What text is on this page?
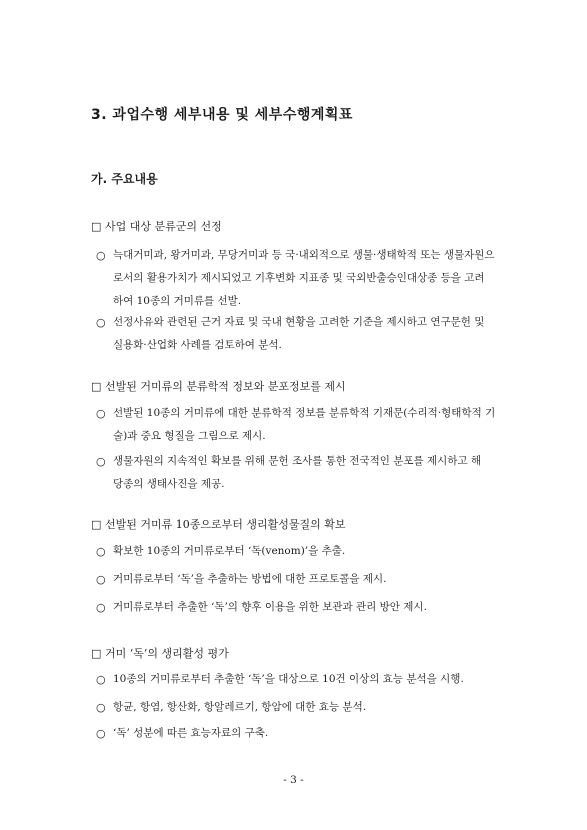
3. 과업수행 세부내용 및 세부수행계획표
가. 주요내용
□ 사업 대상 분류군의 선정
○ 늑대거미과, 왕거미과, 무당거미과 등 국·내외적으로 생물·생태학적 또는 생물자원으
로서의 활용가치가 제시되었고 기후변화 지표종 및 국외반출승인대상종 등을 고려
하여 10종의 거미류를 선발.
○ 선정사유와 관련된 근거 자료 및 국내 현황을 고려한 기준을 제시하고 연구문헌 및
실용화·산업화 사례를 검토하여 분석.
□ 선발된 거미류의 분류학적 정보와 분포정보를 제시
○ 선발된 10종의 거미류에 대한 분류학적 정보를 분류학적 기재문(수리적·형태학적 기
술)과 중요 형질을 그림으로 제시.
○ 생물자원의 지속적인 확보를 위해 문헌 조사를 통한 전국적인 분포를 제시하고 해
당종의 생태사진을 제공.
□ 선발된 거미류 10종으로부터 생리활성물질의 확보
○ 확보한 10종의 거미류로부터 ‘독(venom)’을 추출.
○ 거미류로부터 ‘독’을 추출하는 방법에 대한 프로토콜을 제시.
○ 거미류로부터 추출한 ‘독’의 향후 이용을 위한 보관과 관리 방안 제시.
□ 거미 ‘독’의 생리활성 평가
○ 10종의 거미류로부터 추출한 ‘독’을 대상으로 10건 이상의 효능 분석을 시행.
○ 항균, 항염, 항산화, 항알레르기, 항암에 대한 효능 분석.
○ ‘독’ 성분에 따른 효능자료의 구축.
- 3 -
